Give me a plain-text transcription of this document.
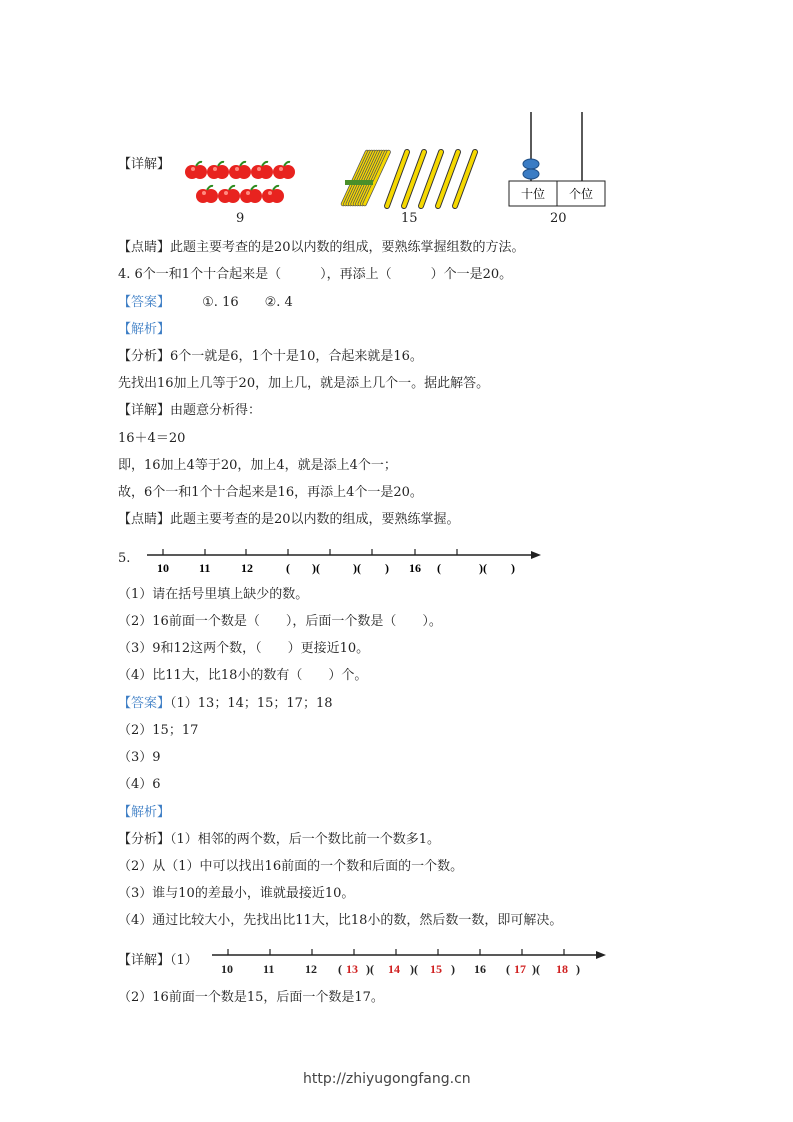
【详解】
9	15
十位 个位
20
【点睛】此题主要考查的是20以内数的组成，要熟练掌握组数的方法。
4. 6个一和1个十合起来是（　　　），再添上（　　　）个一是20。
【答案】 ①. 16　　②. 4
【解析】
【分析】6个一就是6，1个十是10，合起来就是16。
先找出16加上几等于20，加上几，就是添上几个一。据此解答。
【详解】由题意分析得：
16＋4＝20
即，16加上4等于20，加上4，就是添上4个一；
故，6个一和1个十合起来是16，再添上4个一是20。
【点睛】此题主要考查的是20以内数的组成，要熟练掌握。
5.
10	11	12	( )(	)( ) 16 (	)( )
（1）请在括号里填上缺少的数。
（2）16前面一个数是（　　），后面一个数是（　　）。
（3）9和12这两个数，（　　）更接近10。
（4）比11大，比18小的数有（　　）个。
【答案】（1）13；14；15；17；18
（2）15；17
（3）9
（4）6
【解析】
【分析】（1）相邻的两个数，后一个数比前一个数多1。
（2）从（1）中可以找出16前面的一个数和后面的一个数。
（3）谁与10的差最小，谁就最接近10。
（4）通过比较大小，先找出比11大，比18小的数，然后数一数，即可解决。
【详解】（1）
10	11	12 ( 13 )( 14 )( 15 ) 16 ( 17 )( 18 )
（2）16前面一个数是15，后面一个数是17。
http://zhiyugongfang.cn
